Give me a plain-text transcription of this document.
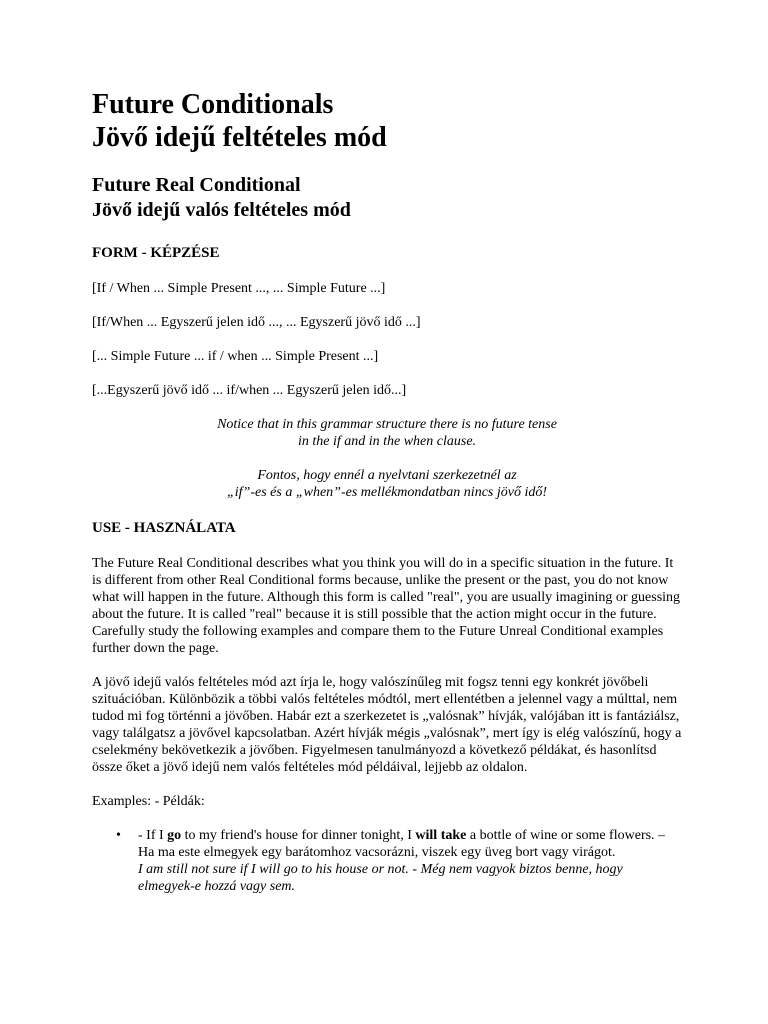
Future Conditionals
Jövő idejű feltételes mód
Future Real Conditional
Jövő idejű valós feltételes mód
FORM - KÉPZÉSE

[If / When ... Simple Present ..., ... Simple Future ...]

[If/When ... Egyszerű jelen idő ..., ... Egyszerű jövő idő ...]

[... Simple Future ... if / when ... Simple Present ...]

[...Egyszerű jövő idő ... if/when ... Egyszerű jelen idő...]

Notice that in this grammar structure there is no future tense
in the if and in the when clause.

Fontos, hogy ennél a nyelvtani szerkezetnél az
„if”-es és a „when”-es mellékmondatban nincs jövő idő!

USE - HASZNÁLATA

The Future Real Conditional describes what you think you will do in a specific situation in the future. It is different from other Real Conditional forms because, unlike the present or the past, you do not know what will happen in the future. Although this form is called "real", you are usually imagining or guessing about the future. It is called "real" because it is still possible that the action might occur in the future. Carefully study the following examples and compare them to the Future Unreal Conditional examples further down the page.

A jövő idejű valós feltételes mód azt írja le, hogy valószínűleg mit fogsz tenni egy konkrét jövőbeli szituációban. Különbözik a többi valós feltételes módtól, mert ellentétben a jelennel vagy a múlttal, nem tudod mi fog történni a jövőben. Habár ezt a szerkezetet is „valósnak” hívják, valójában itt is fantáziálsz, vagy találgatsz a jövővel kapcsolatban. Azért hívják mégis „valósnak”, mert így is elég valószínű, hogy a cselekmény bekövetkezik a jövőben. Figyelmesen tanulmányozd a következő példákat, és hasonlítsd össze őket a jövő idejű nem valós feltételes mód példáival, lejjebb az oldalon.

Examples: - Példák:

• - If I go to my friend's house for dinner tonight, I will take a bottle of wine or some flowers. – Ha ma este elmegyek egy barátomhoz vacsorázni, viszek egy üveg bort vagy virágot.
I am still not sure if I will go to his house or not. - Még nem vagyok biztos benne, hogy elmegyek-e hozzá vagy sem.
